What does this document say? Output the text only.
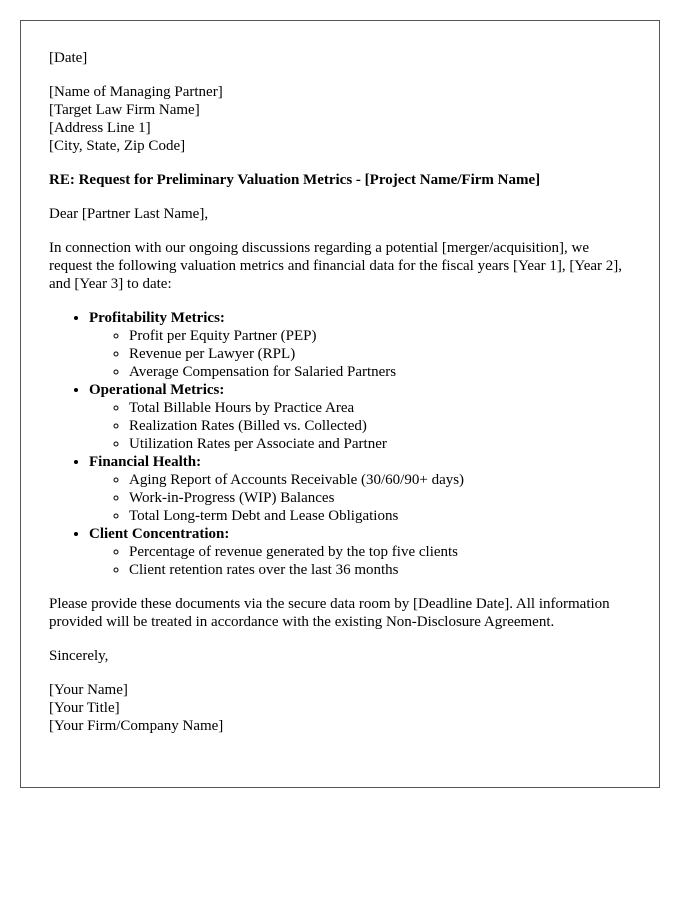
[Date]
[Name of Managing Partner]
[Target Law Firm Name]
[Address Line 1]
[City, State, Zip Code]
RE: Request for Preliminary Valuation Metrics - [Project Name/Firm Name]
Dear [Partner Last Name],

In connection with our ongoing discussions regarding a potential [merger/acquisition], we request the following valuation metrics and financial data for the fiscal years [Year 1], [Year 2], and [Year 3] to date:

• Profitability Metrics:
◦ Profit per Equity Partner (PEP)
◦ Revenue per Lawyer (RPL)
◦ Average Compensation for Salaried Partners
• Operational Metrics:
◦ Total Billable Hours by Practice Area
◦ Realization Rates (Billed vs. Collected)
◦ Utilization Rates per Associate and Partner
• Financial Health:
◦ Aging Report of Accounts Receivable (30/60/90+ days)
◦ Work-in-Progress (WIP) Balances
◦ Total Long-term Debt and Lease Obligations
• Client Concentration:
◦ Percentage of revenue generated by the top five clients
◦ Client retention rates over the last 36 months

Please provide these documents via the secure data room by [Deadline Date]. All information provided will be treated in accordance with the existing Non-Disclosure Agreement.

Sincerely,
[Your Name]
[Your Title]
[Your Firm/Company Name]
